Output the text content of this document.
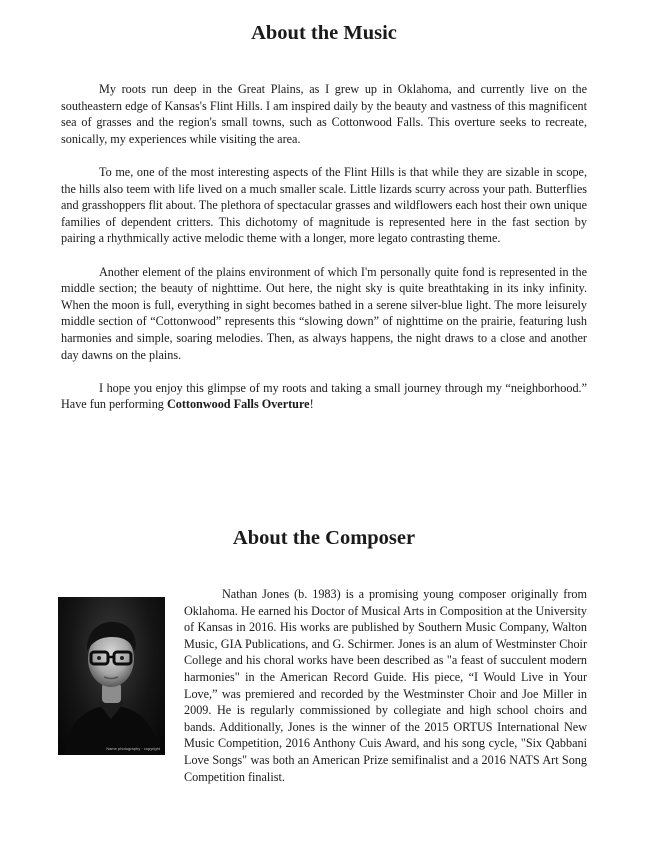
About the Music

My roots run deep in the Great Plains, as I grew up in Oklahoma, and currently live on the southeastern edge of Kansas's Flint Hills. I am inspired daily by the beauty and vastness of this magnificent sea of grasses and the region's small towns, such as Cottonwood Falls. This overture seeks to recreate, sonically, my experiences while visiting the area.

To me, one of the most interesting aspects of the Flint Hills is that while they are sizable in scope, the hills also teem with life lived on a much smaller scale. Little lizards scurry across your path. Butterflies and grasshoppers flit about. The plethora of spectacular grasses and wildflowers each host their own unique families of dependent critters. This dichotomy of magnitude is represented here in the fast section by pairing a rhythmically active melodic theme with a longer, more legato contrasting theme.

Another element of the plains environment of which I'm personally quite fond is represented in the middle section; the beauty of nighttime. Out here, the night sky is quite breathtaking in its inky infinity. When the moon is full, everything in sight becomes bathed in a serene silver-blue light. The more leisurely middle section of “Cottonwood” represents this “slowing down” of nighttime on the prairie, featuring lush harmonies and simple, soaring melodies. Then, as always happens, the night draws to a close and another day dawns on the plains.

I hope you enjoy this glimpse of my roots and taking a small journey through my “neighborhood.” Have fun performing Cottonwood Falls Overture!

About the Composer
Name photography · copyright

Nathan Jones (b. 1983) is a promising young composer originally from Oklahoma. He earned his Doctor of Musical Arts in Composition at the University of Kansas in 2016. His works are published by Southern Music Company, Walton Music, GIA Publications, and G. Schirmer. Jones is an alum of Westminster Choir College and his choral works have been described as "a feast of succulent modern harmonies" in the American Record Guide. His piece, “I Would Live in Your Love,” was premiered and recorded by the Westminster Choir and Joe Miller in 2009. He is regularly commissioned by collegiate and high school choirs and bands. Additionally, Jones is the winner of the 2015 ORTUS International New Music Competition, 2016 Anthony Cuis Award, and his song cycle, "Six Qabbani Love Songs" was both an American Prize semifinalist and a 2016 NATS Art Song Competition finalist.
